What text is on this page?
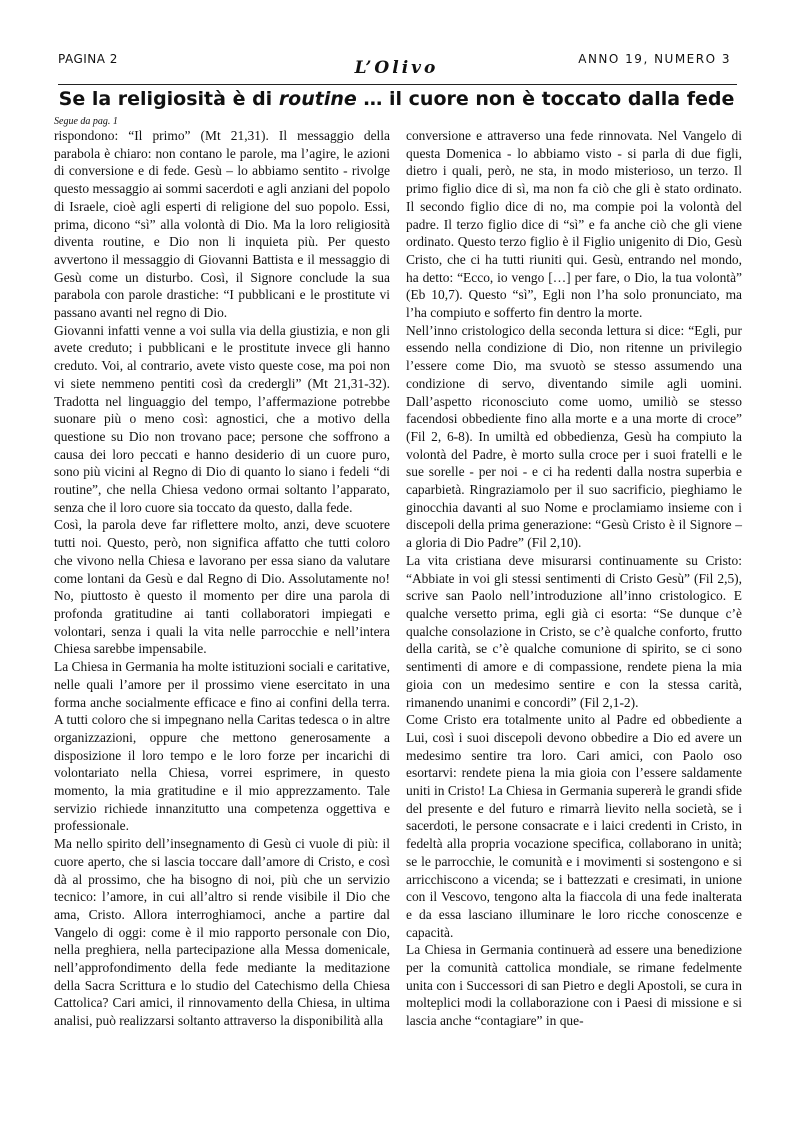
PAGINA 2	L’Olivo	ANNO 19, NUMERO 3
Se la religiosità è di routine … il cuore non è toccato dalla fede

Segue da pag. 1

rispondono: “Il primo” (Mt 21,31). Il messaggio della parabola è chiaro: non contano le parole, ma l’agire, le azioni di conversione e di fede. Gesù – lo abbiamo sentito - rivolge questo messaggio ai sommi sacerdoti e agli anziani del popolo di Israele, cioè agli esperti di religione del suo popolo. Essi, prima, dicono “sì” alla volontà di Dio. Ma la loro religiosità diventa routine, e Dio non li inquieta più. Per questo avvertono il messaggio di Giovanni Battista e il messaggio di Gesù come un disturbo. Così, il Signore conclude la sua parabola con parole drastiche: “I pubblicani e le prostitute vi passano avanti nel regno di Dio.

Giovanni infatti venne a voi sulla via della giustizia, e non gli avete creduto; i pubblicani e le prostitute invece gli hanno creduto. Voi, al contrario, avete visto queste cose, ma poi non vi siete nemmeno pentiti così da credergli” (Mt 21,31-32). Tradotta nel linguaggio del tempo, l’affermazione potrebbe suonare più o meno così: agnostici, che a motivo della questione su Dio non trovano pace; persone che soffrono a causa dei loro peccati e hanno desiderio di un cuore puro, sono più vicini al Regno di Dio di quanto lo siano i fedeli “di routine”, che nella Chiesa vedono ormai soltanto l’apparato, senza che il loro cuore sia toccato da questo, dalla fede.

Così, la parola deve far riflettere molto, anzi, deve scuotere tutti noi. Questo, però, non significa affatto che tutti coloro che vivono nella Chiesa e lavorano per essa siano da valutare come lontani da Gesù e dal Regno di Dio. Assolutamente no! No, piuttosto è questo il momento per dire una parola di profonda gratitudine ai tanti collaboratori impiegati e volontari, senza i quali la vita nelle parrocchie e nell’intera Chiesa sarebbe impensabile.

La Chiesa in Germania ha molte istituzioni sociali e caritative, nelle quali l’amore per il prossimo viene esercitato in una forma anche socialmente efficace e fino ai confini della terra. A tutti coloro che si impegnano nella Caritas tedesca o in altre organizzazioni, oppure che mettono generosamente a disposizione il loro tempo e le loro forze per incarichi di volontariato nella Chiesa, vorrei esprimere, in questo momento, la mia gratitudine e il mio apprezzamento. Tale servizio richiede innanzitutto una competenza oggettiva e professionale.

Ma nello spirito dell’insegnamento di Gesù ci vuole di più: il cuore aperto, che si lascia toccare dall’amore di Cristo, e così dà al prossimo, che ha bisogno di noi, più che un servizio tecnico: l’amore, in cui all’altro si rende visibile il Dio che ama, Cristo. Allora interroghiamoci, anche a partire dal Vangelo di oggi: come è il mio rapporto personale con Dio, nella preghiera, nella partecipazione alla Messa domenicale, nell’approfondimento della fede mediante la meditazione della Sacra Scrittura e lo studio del Catechismo della Chiesa Cattolica? Cari amici, il rinnovamento della Chiesa, in ultima analisi, può realizzarsi soltanto attraverso la disponibilità alla

conversione e attraverso una fede rinnovata. Nel Vangelo di questa Domenica - lo abbiamo visto - si parla di due figli, dietro i quali, però, ne sta, in modo misterioso, un terzo. Il primo figlio dice di sì, ma non fa ciò che gli è stato ordinato. Il secondo figlio dice di no, ma compie poi la volontà del padre. Il terzo figlio dice di “sì” e fa anche ciò che gli viene ordinato. Questo terzo figlio è il Figlio unigenito di Dio, Gesù Cristo, che ci ha tutti riuniti qui. Gesù, entrando nel mondo, ha detto: “Ecco, io vengo […] per fare, o Dio, la tua volontà” (Eb 10,7). Questo “sì”, Egli non l’ha solo pronunciato, ma l’ha compiuto e sofferto fin dentro la morte.

Nell’inno cristologico della seconda lettura si dice: “Egli, pur essendo nella condizione di Dio, non ritenne un privilegio l’essere come Dio, ma svuotò se stesso assumendo una condizione di servo, diventando simile agli uomini. Dall’aspetto riconosciuto come uomo, umiliò se stesso facendosi obbediente fino alla morte e a una morte di croce” (Fil 2, 6-8). In umiltà ed obbedienza, Gesù ha compiuto la volontà del Padre, è morto sulla croce per i suoi fratelli e le sue sorelle - per noi - e ci ha redenti dalla nostra superbia e caparbietà. Ringraziamolo per il suo sacrificio, pieghiamo le ginocchia davanti al suo Nome e proclamiamo insieme con i discepoli della prima generazione: “Gesù Cristo è il Signore – a gloria di Dio Padre” (Fil 2,10).

La vita cristiana deve misurarsi continuamente su Cristo: “Abbiate in voi gli stessi sentimenti di Cristo Gesù” (Fil 2,5), scrive san Paolo nell’introduzione all’inno cristologico. E qualche versetto prima, egli già ci esorta: “Se dunque c’è qualche consolazione in Cristo, se c’è qualche conforto, frutto della carità, se c’è qualche comunione di spirito, se ci sono sentimenti di amore e di compassione, rendete piena la mia gioia con un medesimo sentire e con la stessa carità, rimanendo unanimi e concordi” (Fil 2,1-2).

Come Cristo era totalmente unito al Padre ed obbediente a Lui, così i suoi discepoli devono obbedire a Dio ed avere un medesimo sentire tra loro. Cari amici, con Paolo oso esortarvi: rendete piena la mia gioia con l’essere saldamente uniti in Cristo! La Chiesa in Germania supererà le grandi sfide del presente e del futuro e rimarrà lievito nella società, se i sacerdoti, le persone consacrate e i laici credenti in Cristo, in fedeltà alla propria vocazione specifica, collaborano in unità; se le parrocchie, le comunità e i movimenti si sostengono e si arricchiscono a vicenda; se i battezzati e cresimati, in unione con il Vescovo, tengono alta la fiaccola di una fede inalterata e da essa lasciano illuminare le loro ricche conoscenze e capacità.

La Chiesa in Germania continuerà ad essere una benedizione per la comunità cattolica mondiale, se rimane fedelmente unita con i Successori di san Pietro e degli Apostoli, se cura in molteplici modi la collaborazione con i Paesi di missione e si lascia anche “contagiare” in que-
